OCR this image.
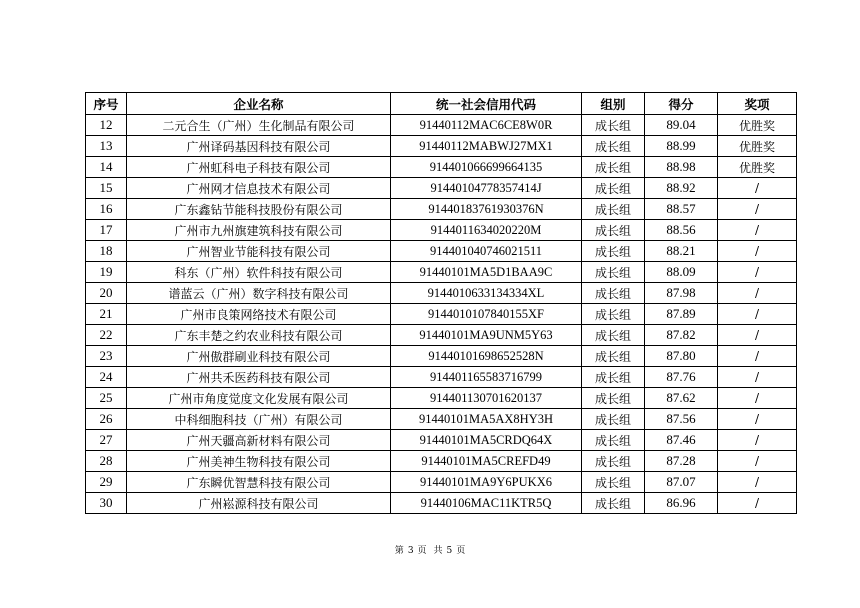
序号	企业名称	统一社会信用代码	组别	得分	奖项
12	二元合生（广州）生化制品有限公司	91440112MAC6CE8W0R	成长组	89.04	优胜奖
13	广州译码基因科技有限公司	91440112MABWJ27MX1	成长组	88.99	优胜奖
14	广州虹科电子科技有限公司	914401066699664135	成长组	88.98	优胜奖
15	广州网才信息技术有限公司	91440104778357414J	成长组	88.92	/
16	广东鑫钻节能科技股份有限公司	91440183761930376N	成长组	88.57	/
17	广州市九州旗建筑科技有限公司	9144011634020220M	成长组	88.56	/
18	广州智业节能科技有限公司	914401040746021511	成长组	88.21	/
19	科东（广州）软件科技有限公司	91440101MA5D1BAA9C	成长组	88.09	/
20	谱蓝云（广州）数字科技有限公司	9144010633134334XL	成长组	87.98	/
21	广州市良策网络技术有限公司	9144010107840155XF	成长组	87.89	/
22	广东丰楚之约农业科技有限公司	91440101MA9UNM5Y63	成长组	87.82	/
23	广州傲群刷业科技有限公司	91440101698652528N	成长组	87.80	/
24	广州共禾医药科技有限公司	914401165583716799	成长组	87.76	/
25	广州市角度觉度文化发展有限公司	914401130701620137	成长组	87.62	/
26	中科细胞科技（广州）有限公司	91440101MA5AX8HY3H	成长组	87.56	/
27	广州天疆高新材料有限公司	91440101MA5CRDQ64X	成长组	87.46	/
28	广州美神生物科技有限公司	91440101MA5CREFD49	成长组	87.28	/
29	广东瞬优智慧科技有限公司	91440101MA9Y6PUKX6	成长组	87.07	/
30	广州崧源科技有限公司	91440106MAC11KTR5Q	成长组	86.96	/
第 3 页 共 5 页
